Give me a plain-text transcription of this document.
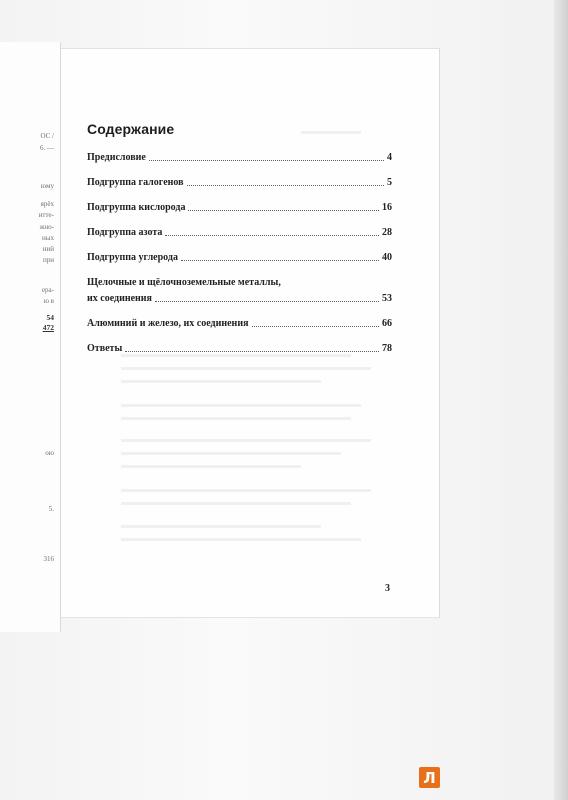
ОС /
6. —
юму
ярёх
итте-
жно-
ных
ний
при
ера-
ю в
54
472
ою
5.
316
Содержание
Предисловие	4
Подгруппа галогенов	5
Подгруппа кислорода	16
Подгруппа азота	28
Подгруппа углерода	40
Щелочные и щёлочноземельные металлы,
их соединения	53
Алюминий и железо, их соединения	66
Ответы	78
3
Л
